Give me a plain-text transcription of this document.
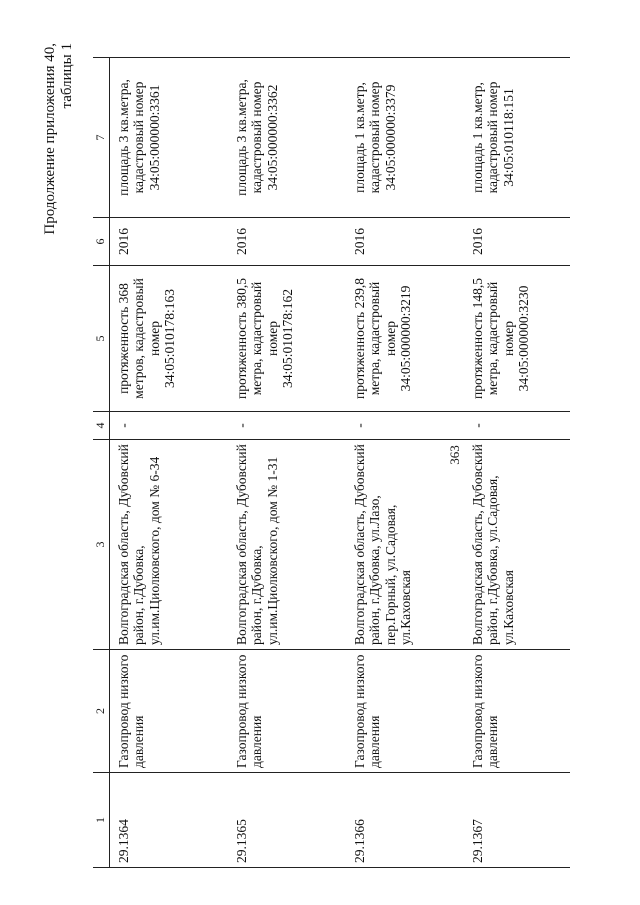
363
Продолжение приложения 40, таблицы 1
1	2	3	4	5	6	7
29.1364	Газопровод низкого давления	Волгоградская область, Дубовский район, г.Дубовка, ул.им.Циолковского, дом № 6-34	-	протяженность 368 метров, кадастровый номер 34:05:010178:163	2016	площадь 3 кв.метра, кадастровый номер 34:05:000000:3361
29.1365	Газопровод низкого давления	Волгоградская область, Дубовский район, г.Дубовка, ул.им.Циолковского, дом № 1-31	-	протяженность 380,5 метра, кадастровый номер 34:05:010178:162	2016	площадь 3 кв.метра, кадастровый номер 34:05:000000:3362
29.1366	Газопровод низкого давления	Волгоградская область, Дубовский район, г.Дубовка, ул.Лазо, пер.Горный, ул.Садовая, ул.Каховская	-	протяженность 239,8 метра, кадастровый номер 34:05:000000:3219	2016	площадь 1 кв.метр, кадастровый номер 34:05:000000:3379
29.1367	Газопровод низкого давления	Волгоградская область, Дубовский район, г.Дубовка, ул.Садовая, ул.Каховская	-	протяженность 148,5 метра, кадастровый номер 34:05:000000:3230	2016	площадь 1 кв.метр, кадастровый номер 34:05:010118:151
